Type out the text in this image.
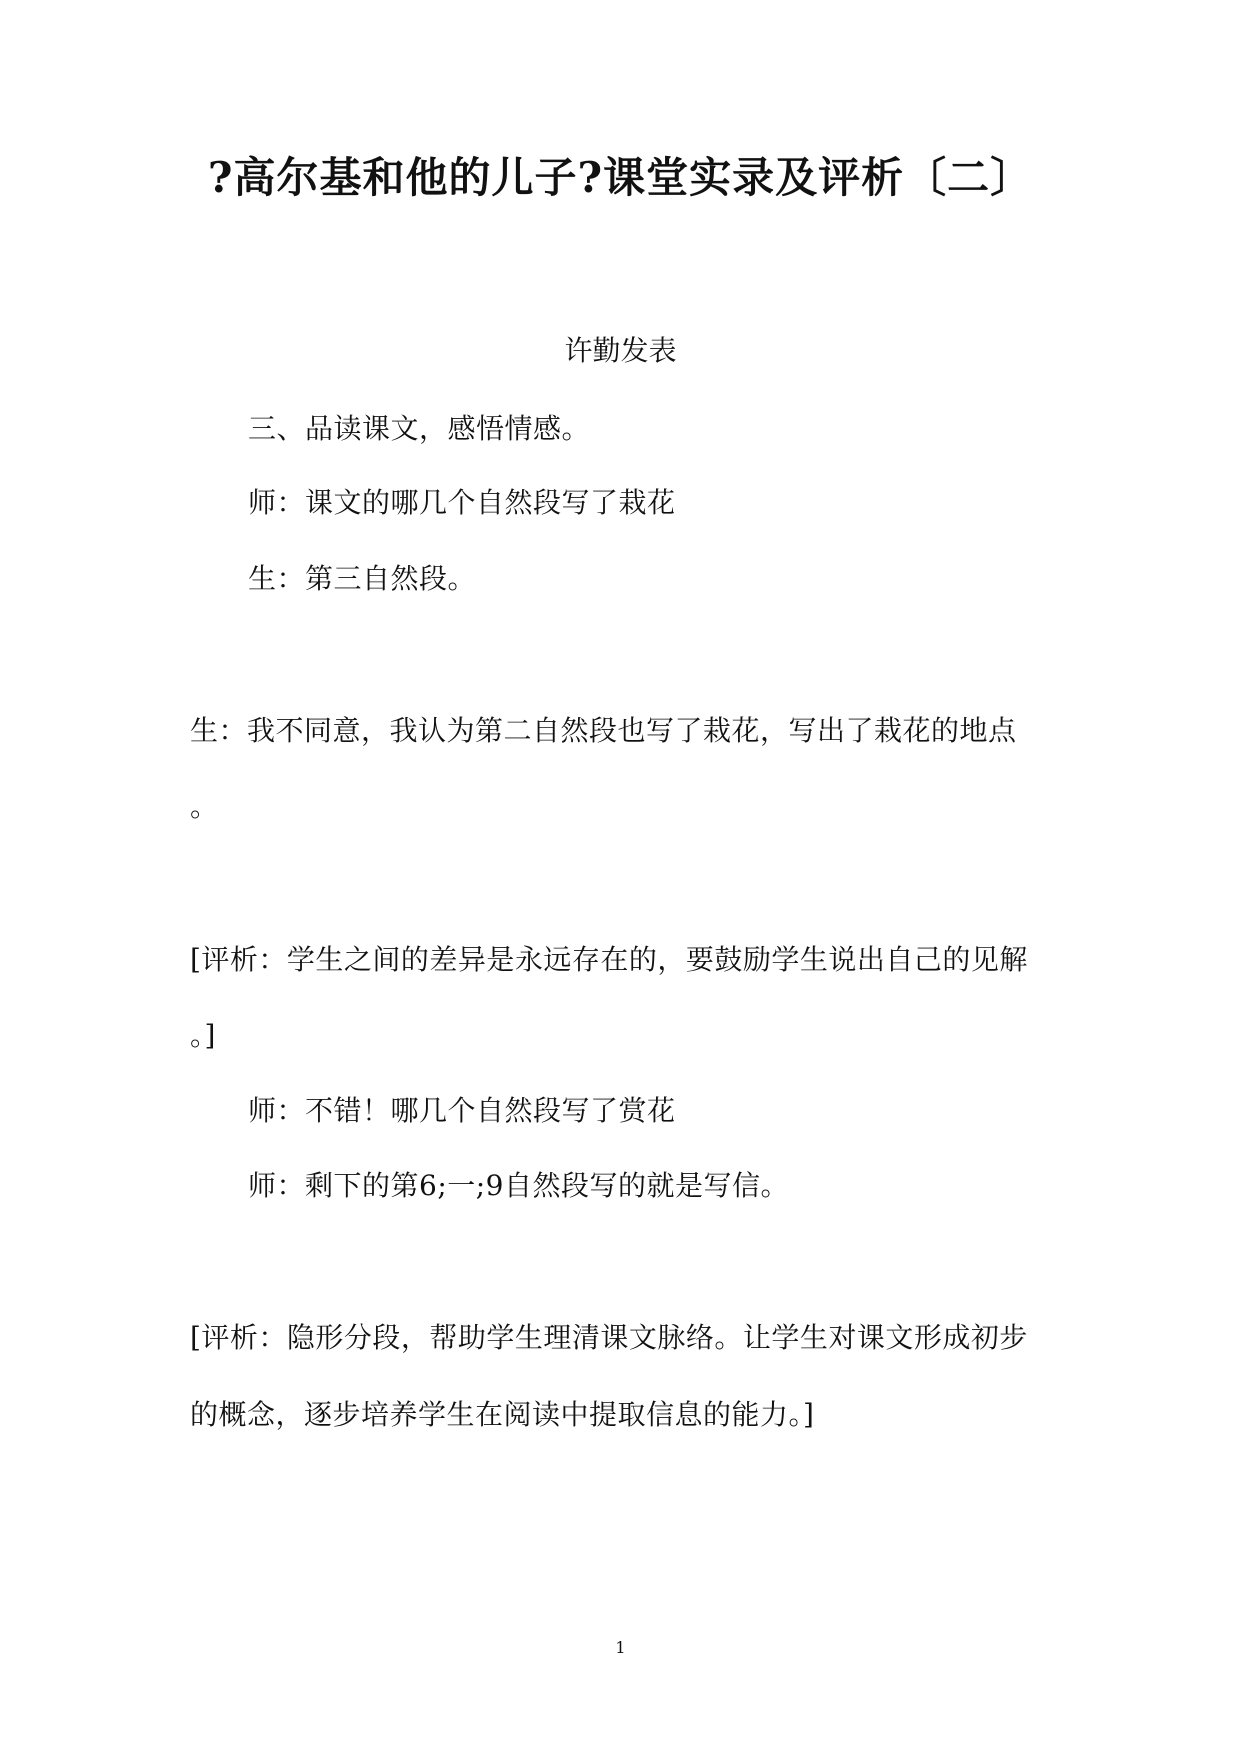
?高尔基和他的儿子?课堂实录及评析〔二〕
许勤发表
三、品读课文，感悟情感。
师：课文的哪几个自然段写了栽花
生：第三自然段。
生：我不同意，我认为第二自然段也写了栽花，写出了栽花的地点
。
[评析：学生之间的差异是永远存在的，要鼓励学生说出自己的见解
。]
师：不错！哪几个自然段写了赏花
师：剩下的第6;一;9自然段写的就是写信。
[评析：隐形分段，帮助学生理清课文脉络。让学生对课文形成初步
的概念，逐步培养学生在阅读中提取信息的能力。]
1
